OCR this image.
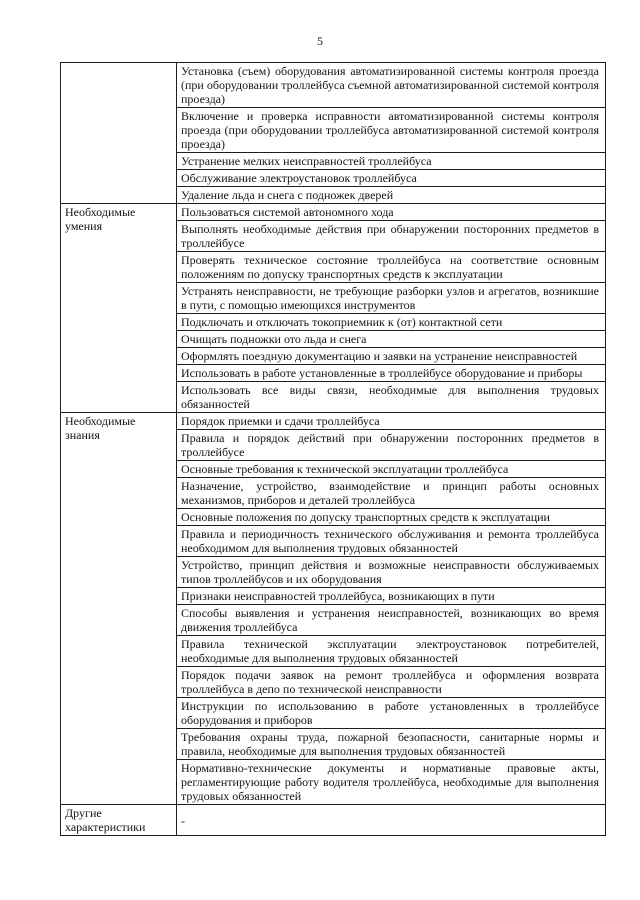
5
	Установка (съем) оборудования автоматизированной системы контроля проезда (при оборудовании троллейбуса съемной автоматизированной системой контроля проезда)
	Включение и проверка исправности автоматизированной системы контроля проезда (при оборудовании троллейбуса автоматизированной системой контроля проезда)
	Устранение мелких неисправностей троллейбуса
	Обслуживание электроустановок троллейбуса
	Удаление льда и снега с подножек дверей

Необходимые умения	Пользоваться системой автономного хода
	Выполнять необходимые действия при обнаружении посторонних предметов в троллейбусе
	Проверять техническое состояние троллейбуса на соответствие основным положениям по допуску транспортных средств к эксплуатации
	Устранять неисправности, не требующие разборки узлов и агрегатов, возникшие в пути, с помощью имеющихся инструментов
	Подключать и отключать токоприемник к (от) контактной сети
	Очищать подножки ото льда и снега
	Оформлять поездную документацию и заявки на устранение неисправностей
	Использовать в работе установленные в троллейбусе оборудование и приборы
	Использовать все виды связи, необходимые для выполнения трудовых обязанностей

Необходимые знания	Порядок приемки и сдачи троллейбуса
	Правила и порядок действий при обнаружении посторонних предметов в троллейбусе
	Основные требования к технической эксплуатации троллейбуса
	Назначение, устройство, взаимодействие и принцип работы основных механизмов, приборов и деталей троллейбуса
	Основные положения по допуску транспортных средств к эксплуатации
	Правила и периодичность технического обслуживания и ремонта троллейбуса необходимом для выполнения трудовых обязанностей
	Устройство, принцип действия и возможные неисправности обслуживаемых типов троллейбусов и их оборудования
	Признаки неисправностей троллейбуса, возникающих в пути
	Способы выявления и устранения неисправностей, возникающих во время движения троллейбуса
	Правила технической эксплуатации электроустановок потребителей, необходимые для выполнения трудовых обязанностей
	Порядок подачи заявок на ремонт троллейбуса и оформления возврата троллейбуса в депо по технической неисправности
	Инструкции по использованию в работе установленных в троллейбусе оборудования и приборов
	Требования охраны труда, пожарной безопасности, санитарные нормы и правила, необходимые для выполнения трудовых обязанностей
	Нормативно-технические документы и нормативные правовые акты, регламентирующие работу водителя троллейбуса, необходимые для выполнения трудовых обязанностей

Другие характеристики	-
